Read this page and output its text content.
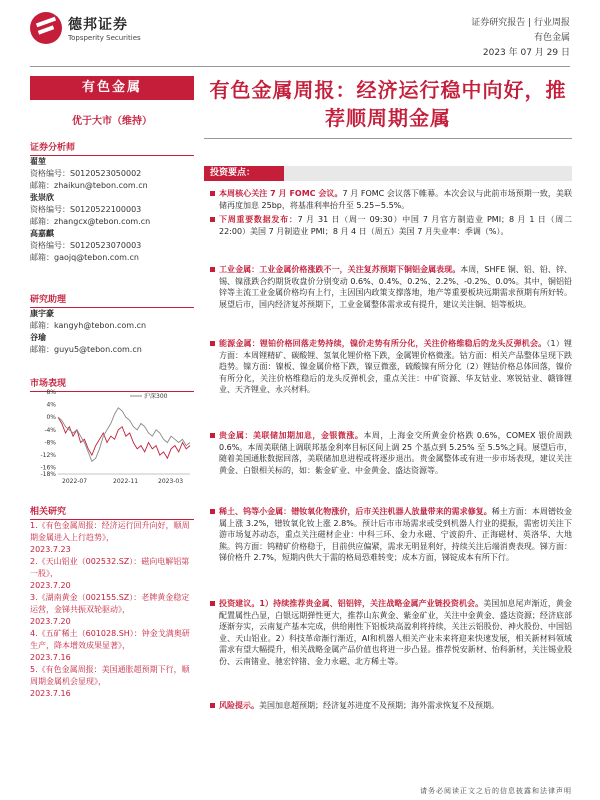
德邦证券
Topsperity Securities
证券研究报告 | 行业周报
有色金属
2023 年 07 月 29 日
有色金属
优于大市（维持）
证券分析师
翟堃
资格编号：S0120523050002
邮箱：zhaikun@tebon.com.cn
张崇欣
资格编号：S0120522100003
邮箱：zhangcx@tebon.com.cn
高嘉麒
资格编号：S0120523070003
邮箱：gaojq@tebon.com.cn
研究助理
康宇豪
邮箱：kangyh@tebon.com.cn
谷瑜
邮箱：guyu5@tebon.com.cn
市场表现
8%
4%
0%
-4%
-8%
-12%
-16%
-18%
2022-07	2022-11	2023-03
沪深300
相关研究
1.《有色金属周报：经济运行回升向好，顺周期金属进入上行趋势》，
2023.7.23
2.《天山铝业（002532.SZ）：磁向电解铝第一股》，
2023.7.20
3.《湖南黄金（002155.SZ）：老牌黄金稳定运营，金锑共振双轮驱动》，
2023.7.20
4.《五矿稀土（601028.SH）：钟金戈满奥研生产，降本增效成果显著》，
2023.7.16
5.《有色金属周报：美国通胀超预期下行，顺周期金属机会显现》，
2023.7.16
有色金属周报：经济运行稳中向好，推荐顺周期金属
投资要点：
本周核心关注 7 月 FOMC 会议。7 月 FOMC 会议落下帷幕。本次会议与此前市场预期一致，美联储再度加息 25bp，将基准利率抬升至 5.25~5.5%。
下周重要数据发布：7 月 31 日（周一 09:30）中国 7 月官方制造业 PMI；8 月 1 日（周二 22:00）美国 7 月制造业 PMI；8 月 4 日（周五）美国 7 月失业率：季调（%）。
工业金属：工业金属价格涨跌不一，关注复苏预期下铜铝金属表现。本周，SHFE 铜、铝、铅、锌、锡、镍涨跌合约期货收盘价分别变动 0.6%、0.4%、0.2%、2.2%、-0.2%、0.0%。其中，铜铝铅锌等主流工业金属价格均有上行，主因国内政策支撑落地，地产等重要板块远期需求预期有所好转。展望后市，国内经济复苏预期下，工业金属整体需求或有提升，建议关注铜、铝等板块。
能源金属：锂铂价格回落走势持续，镍价走势有所分化，关注价格维稳后的龙头反弹机会。（1）锂方面：本周锂精矿、碳酸锂、氢氧化锂价格下跌，金属锂价格微涨。钴方面：相关产品整体呈现下跌趋势。镍方面：镍板、镍金属价格下跌，镍豆微涨，硫酸镍有所分化（2）锂钴价格总体回落，镍价有所分化，关注价格维稳后的龙头反弹机会，重点关注：中矿资源、华友钴业、寒锐钴业、赣锋锂业、天齐锂业、永兴材料。
贵金属：美联储加期加息，金银微涨。本周，上海金交所黄金价格跌 0.6%，COMEX 银价周跌 0.6%。本周美联储上调联邦基金利率目标区间上调 25 个基点到 5.25% 至 5.5%之间。展望后市，随着美国通胀数据回落，美联储加息进程或将逐步退出。贵金属整体或有进一步市场表现，建议关注黄金、白银相关标的，如：紫金矿业、中金黄金、盛达资源等。
稀土、钨等小金属：镨钕氧化物涨价，后市关注机器人放量带来的需求修复。稀土方面：本周镨钕金属上涨 3.2%，镨钕氧化钕上涨 2.8%。预计后市市场需求或受到机器人行业的提振，需密切关注下游市场复苏动态，重点关注磁材企业：中科三环、金力永磁、宁波韵升、正海磁材、英洛华、大地熊。钨方面：钨精矿价格稳于，目前供应偏紧，需求无明显利好，持续关注后端消费表现。锑方面：锑价格升 2.7%，短期内供大于需的格局恐难转变；成本方面，锑锭成本有所下行。
投资建议。1）持续推荐贵金属、铝铝锌，关注战略金属产业链投资机会。美国加息尾声渐近，黄金配置属性凸显，白银远期弹性更大，推荐山东黄金、紫金矿业，关注中金黄金、盛达资源；经济底部逐渐夯实，云南复产基本完成，供给刚性下铝板块高盈利将持续，关注云铝股份、神火股份、中国铝业、天山铝业。2）科技革命渐行渐近，AI和机器人相关产业未来将迎来快速发展，相关新材料领域需求有望大幅提升，相关战略金属产品价值也将进一步凸显。推荐悦安新材、怡科新材，关注锡业股份、云南锗业、驰宏锌锗、金力永磁、北方稀土等。
风险提示。美国加息超预期；经济复苏进度不及预期；海外需求恢复不及预期。
请务必阅读正文之后的信息披露和法律声明
